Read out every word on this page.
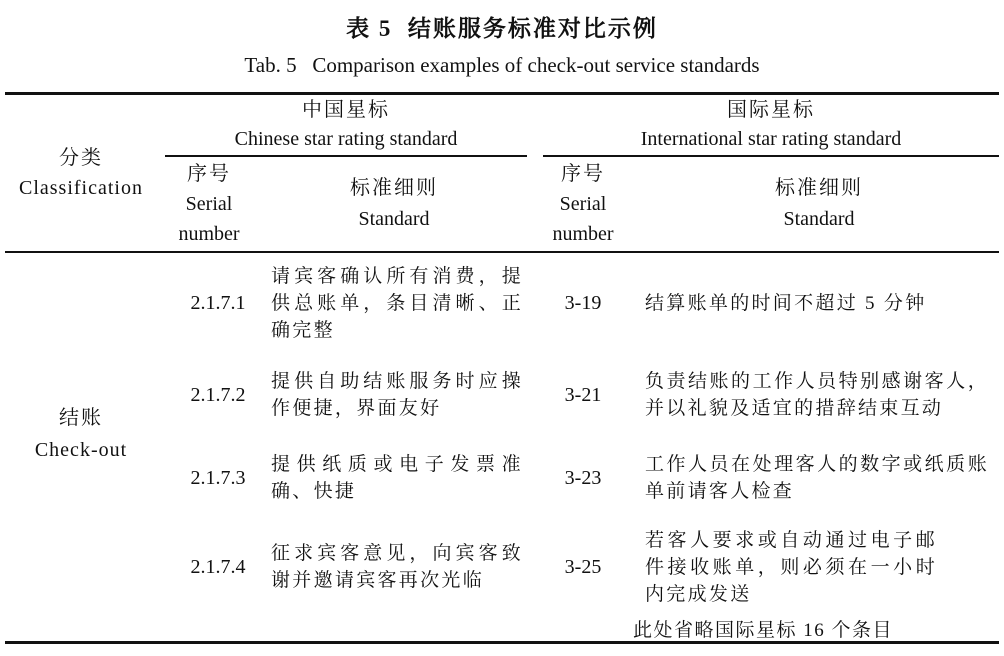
表 5  结账服务标准对比示例
Tab. 5   Comparison examples of check-out service standards
分类
Classification
中国星标
Chinese star rating standard
国际星标
International star rating standard
序号
Serial
number
标准细则
Standard
序号
Serial
number
标准细则
Standard
结账
Check-out
2.1.7.1
请宾客确认所有消费，提供总账单，条目清晰、正确完整
3-19	结算账单的时间不超过 5 分钟
2.1.7.2
提供自助结账服务时应操作便捷，界面友好
3-21
负责结账的工作人员特别感谢客人，并以礼貌及适宜的措辞结束互动
2.1.7.3
提供纸质或电子发票准确、快捷
3-23
工作人员在处理客人的数字或纸质账单前请客人检查
2.1.7.4
征求宾客意见，向宾客致谢并邀请宾客再次光临
3-25
若客人要求或自动通过电子邮件接收账单，则必须在一小时内完成发送
此处省略国际星标 16 个条目
